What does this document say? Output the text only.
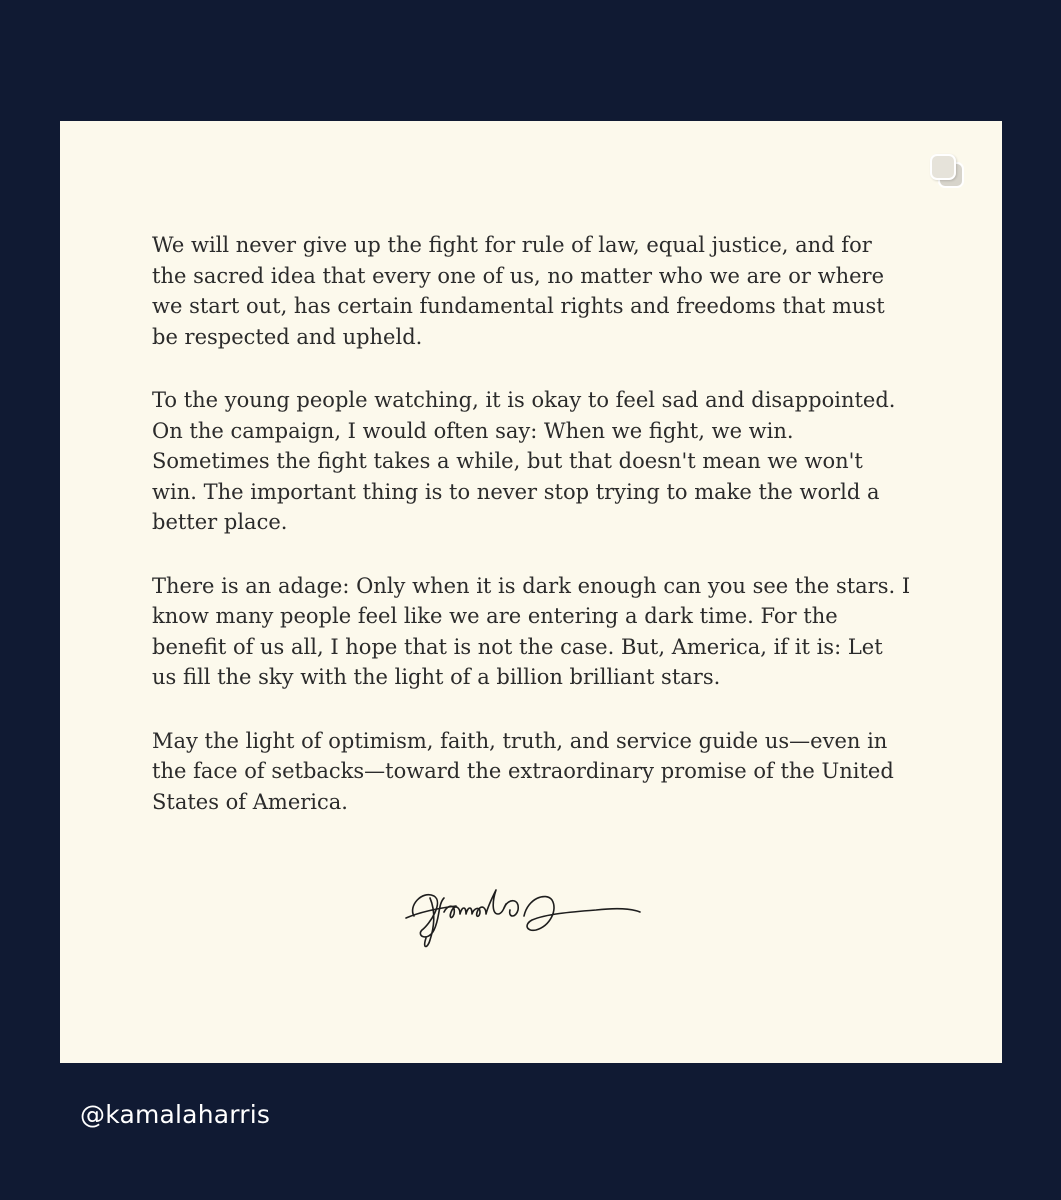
We will never give up the fight for rule of law, equal justice, and for the sacred idea that every one of us, no matter who we are or where we start out, has certain fundamental rights and freedoms that must be respected and upheld.

To the young people watching, it is okay to feel sad and disappointed. On the campaign, I would often say: When we fight, we win. Sometimes the fight takes a while, but that doesn't mean we won't win. The important thing is to never stop trying to make the world a better place.

There is an adage: Only when it is dark enough can you see the stars. I know many people feel like we are entering a dark time. For the benefit of us all, I hope that is not the case. But, America, if it is: Let us fill the sky with the light of a billion brilliant stars.

May the light of optimism, faith, truth, and service guide us—even in the face of setbacks—toward the extraordinary promise of the United States of America.

@kamalaharris
